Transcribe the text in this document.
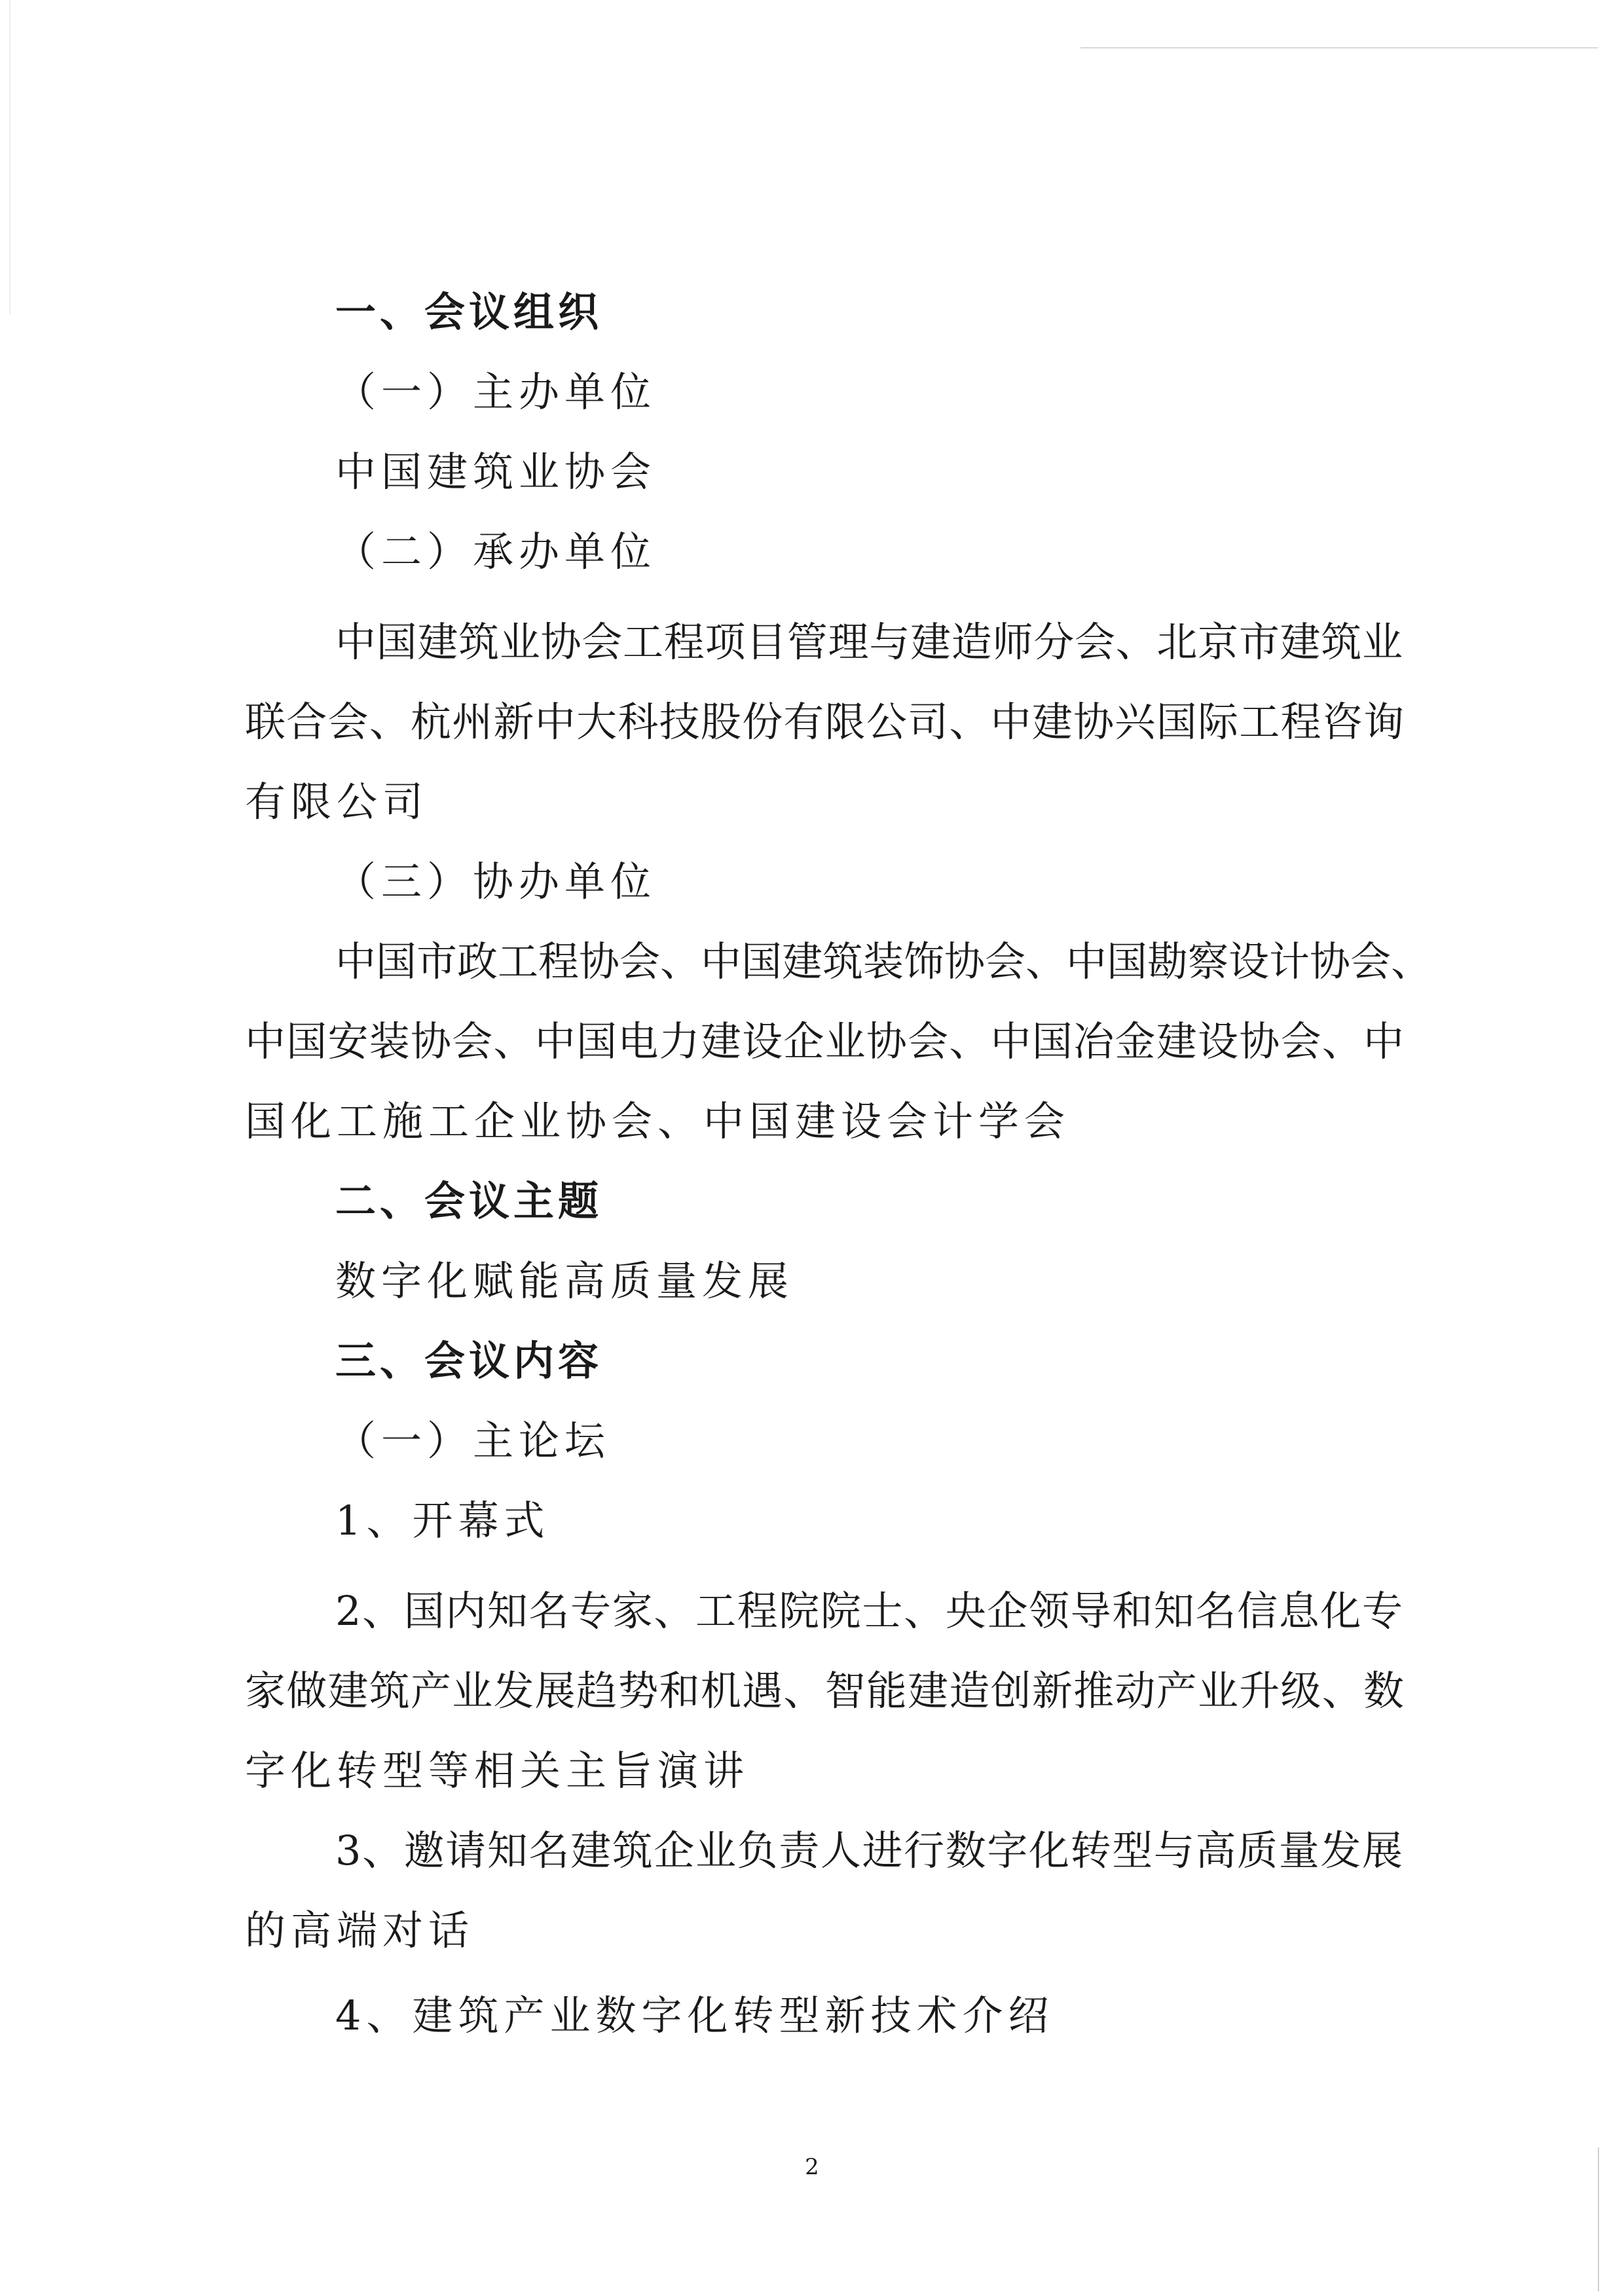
一、会议组织
（一）主办单位
中国建筑业协会
（二）承办单位
中国建筑业协会工程项目管理与建造师分会、北京市建筑业
联合会、杭州新中大科技股份有限公司、中建协兴国际工程咨询
有限公司
（三）协办单位
中国市政工程协会、中国建筑装饰协会、中国勘察设计协会、
中国安装协会、中国电力建设企业协会、中国冶金建设协会、中
国化工施工企业协会、中国建设会计学会
二、会议主题
数字化赋能高质量发展
三、会议内容
（一）主论坛
1、开幕式
2、国内知名专家、工程院院士、央企领导和知名信息化专
家做建筑产业发展趋势和机遇、智能建造创新推动产业升级、数
字化转型等相关主旨演讲
3、邀请知名建筑企业负责人进行数字化转型与高质量发展
的高端对话
4、建筑产业数字化转型新技术介绍
2
